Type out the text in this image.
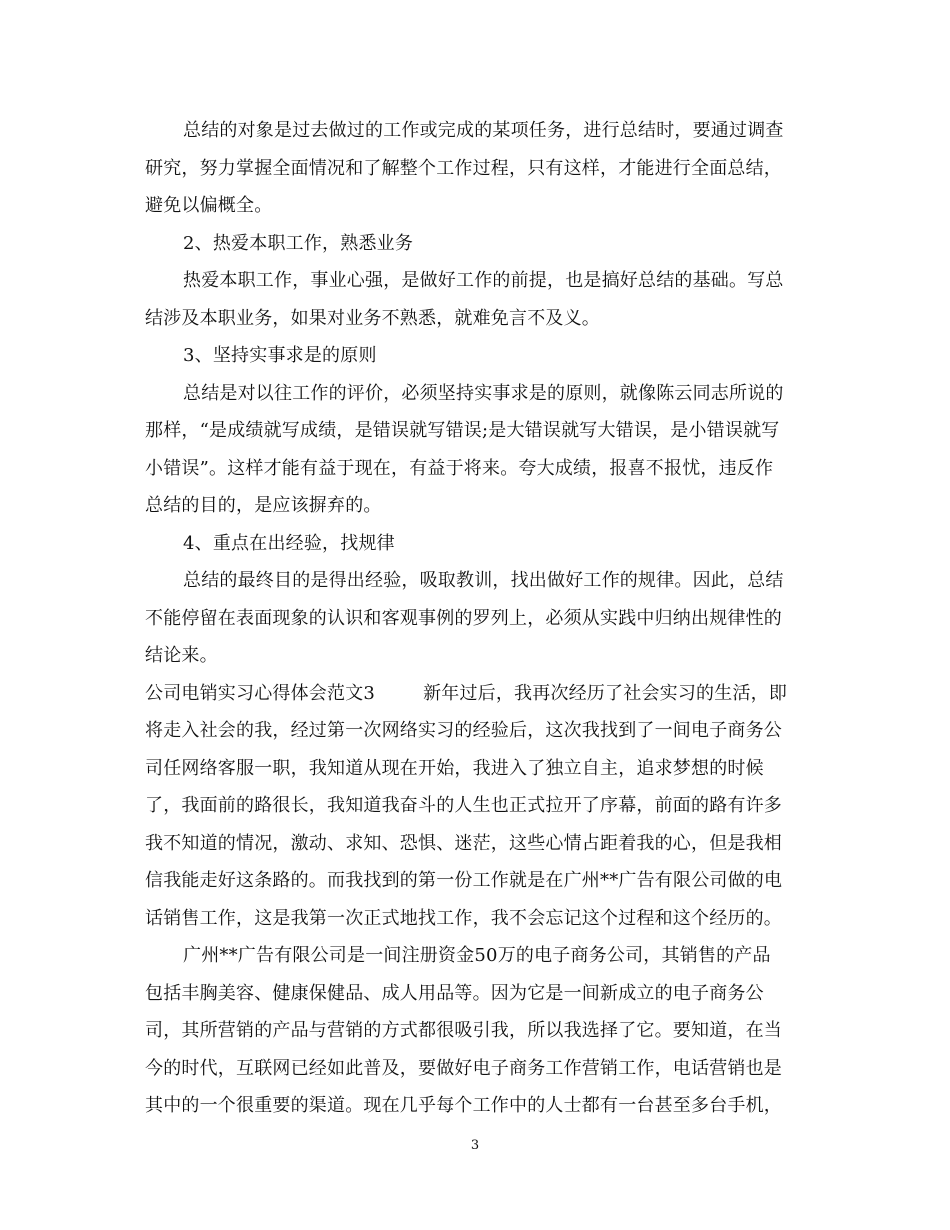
总结的对象是过去做过的工作或完成的某项任务，进行总结时，要通过调查
研究，努力掌握全面情况和了解整个工作过程，只有这样，才能进行全面总结，
避免以偏概全。
2、热爱本职工作，熟悉业务
热爱本职工作，事业心强，是做好工作的前提，也是搞好总结的基础。写总
结涉及本职业务，如果对业务不熟悉，就难免言不及义。
3、坚持实事求是的原则
总结是对以往工作的评价，必须坚持实事求是的原则，就像陈云同志所说的
那样，“是成绩就写成绩，是错误就写错误;是大错误就写大错误，是小错误就写
小错误”。这样才能有益于现在，有益于将来。夸大成绩，报喜不报忧，违反作
总结的目的，是应该摒弃的。
4、重点在出经验，找规律
总结的最终目的是得出经验，吸取教训，找出做好工作的规律。因此，总结
不能停留在表面现象的认识和客观事例的罗列上，必须从实践中归纳出规律性的
结论来。
公司电销实习心得体会范文3	新年过后，我再次经历了社会实习的生活，即
将走入社会的我，经过第一次网络实习的经验后，这次我找到了一间电子商务公
司任网络客服一职，我知道从现在开始，我进入了独立自主，追求梦想的时候
了，我面前的路很长，我知道我奋斗的人生也正式拉开了序幕，前面的路有许多
我不知道的情况，激动、求知、恐惧、迷茫，这些心情占距着我的心，但是我相
信我能走好这条路的。而我找到的第一份工作就是在广州**广告有限公司做的电
话销售工作，这是我第一次正式地找工作，我不会忘记这个过程和这个经历的。
广州**广告有限公司是一间注册资金50万的电子商务公司，其销售的产品
包括丰胸美容、健康保健品、成人用品等。因为它是一间新成立的电子商务公
司，其所营销的产品与营销的方式都很吸引我，所以我选择了它。要知道，在当
今的时代，互联网已经如此普及，要做好电子商务工作营销工作，电话营销也是
其中的一个很重要的渠道。现在几乎每个工作中的人士都有一台甚至多台手机，
3
